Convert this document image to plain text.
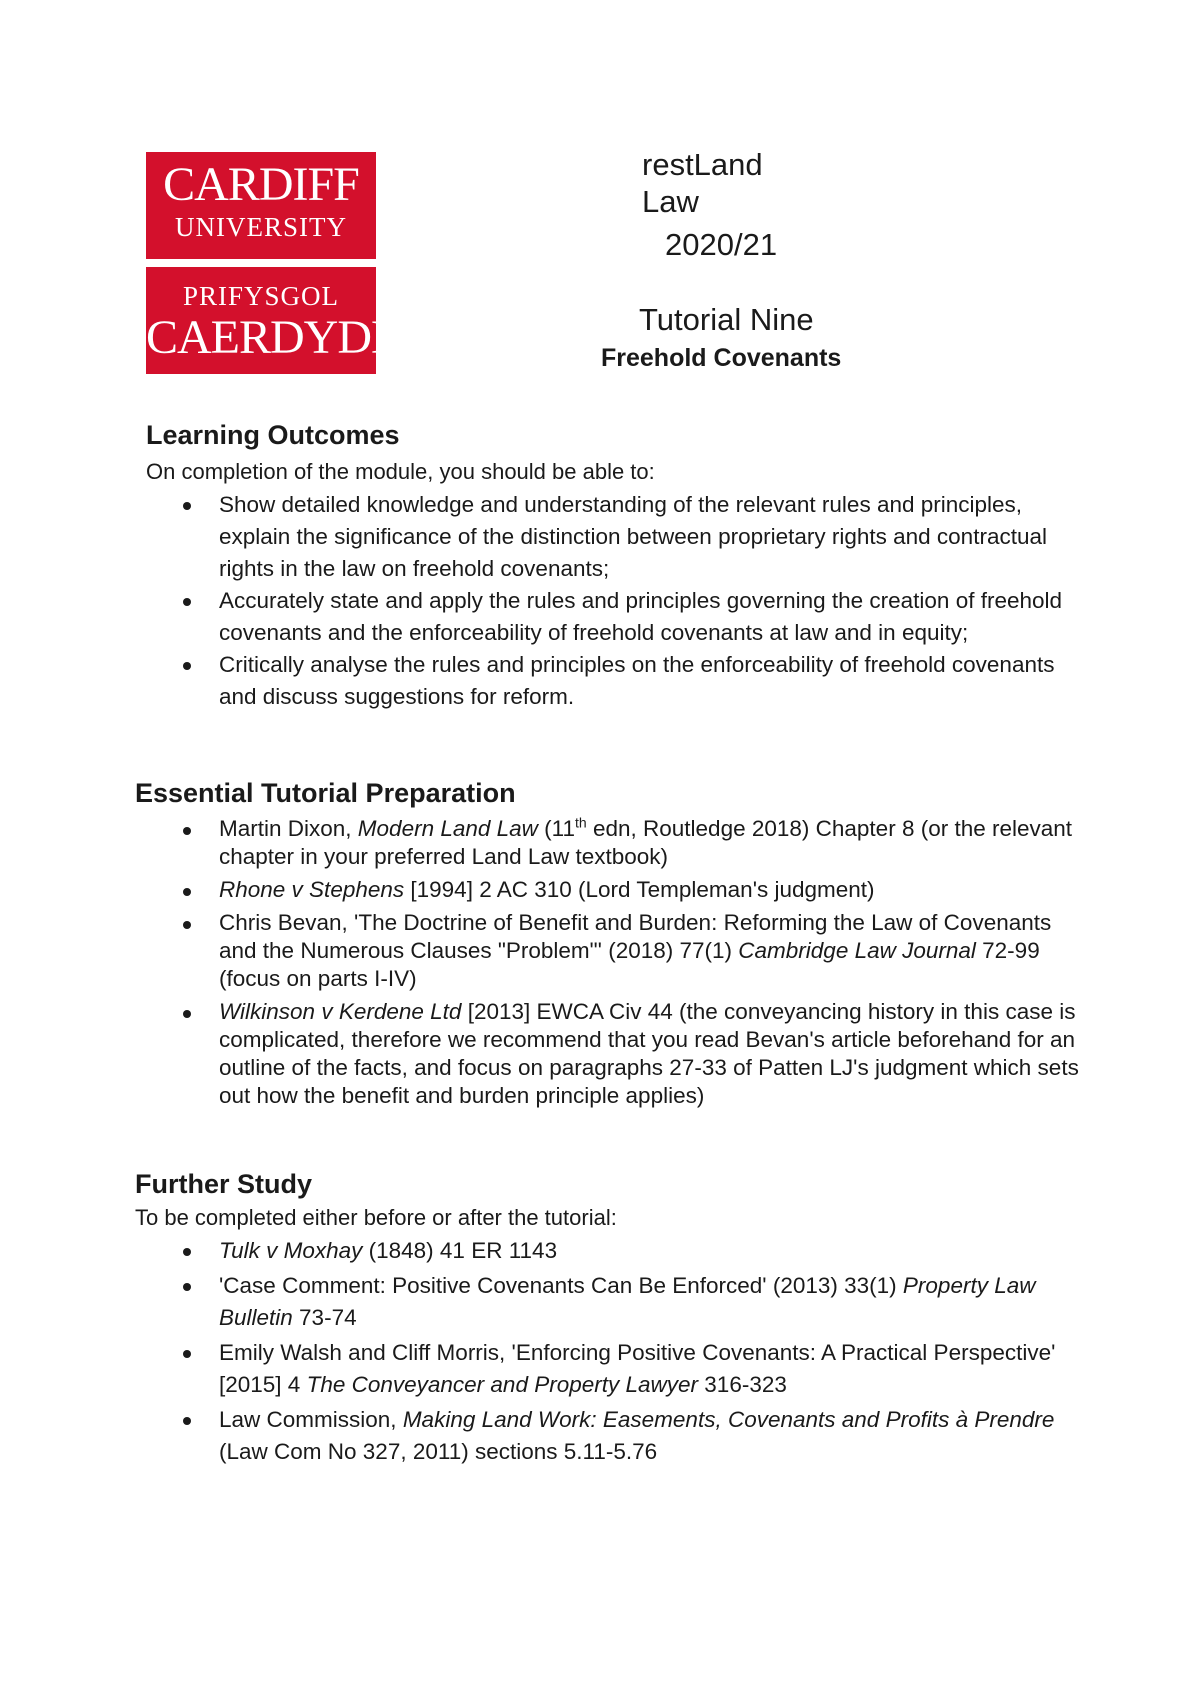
CARDIFF
UNIVERSITY
PRIFYSGOL
CAERDYDD
restLand
Law
2020/21
Tutorial Nine
Freehold Covenants
Learning Outcomes
On completion of the module, you should be able to:
Show detailed knowledge and understanding of the relevant rules and principles, explain the significance of the distinction between proprietary rights and contractual rights in the law on freehold covenants;
Accurately state and apply the rules and principles governing the creation of freehold covenants and the enforceability of freehold covenants at law and in equity;
Critically analyse the rules and principles on the enforceability of freehold covenants and discuss suggestions for reform.
Essential Tutorial Preparation
Martin Dixon, Modern Land Law (11th edn, Routledge 2018) Chapter 8 (or the relevant chapter in your preferred Land Law textbook)
Rhone v Stephens [1994] 2 AC 310 (Lord Templeman's judgment)
Chris Bevan, 'The Doctrine of Benefit and Burden: Reforming the Law of Covenants and the Numerous Clauses "Problem"' (2018) 77(1) Cambridge Law Journal 72-99 (focus on parts I-IV)
Wilkinson v Kerdene Ltd [2013] EWCA Civ 44 (the conveyancing history in this case is complicated, therefore we recommend that you read Bevan's article beforehand for an outline of the facts, and focus on paragraphs 27-33 of Patten LJ's judgment which sets out how the benefit and burden principle applies)
Further Study
To be completed either before or after the tutorial:
Tulk v Moxhay (1848) 41 ER 1143
'Case Comment: Positive Covenants Can Be Enforced' (2013) 33(1) Property Law Bulletin 73-74
Emily Walsh and Cliff Morris, 'Enforcing Positive Covenants: A Practical Perspective' [2015] 4 The Conveyancer and Property Lawyer 316-323
Law Commission, Making Land Work: Easements, Covenants and Profits à Prendre (Law Com No 327, 2011) sections 5.11-5.76
